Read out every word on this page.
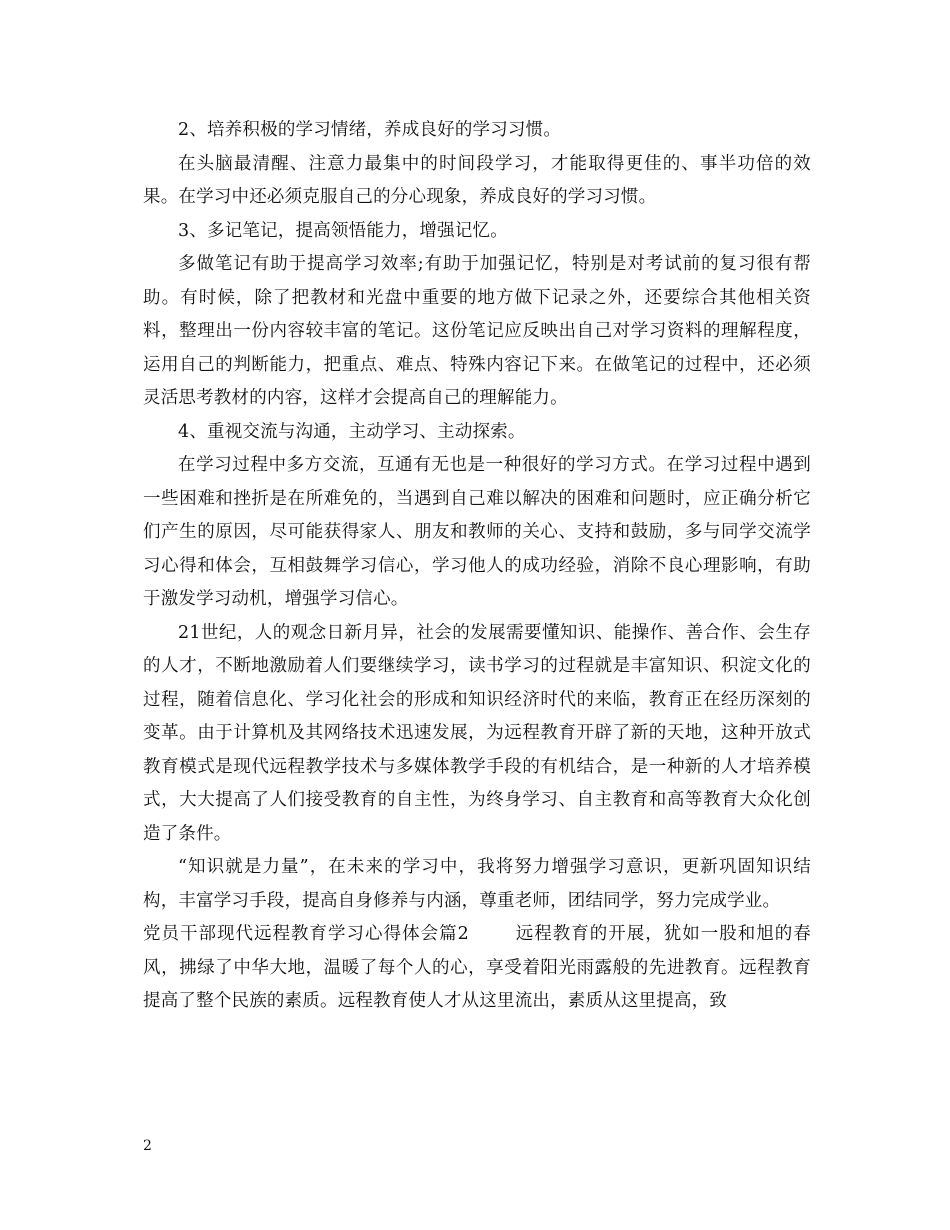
2、培养积极的学习情绪，养成良好的学习习惯。

在头脑最清醒、注意力最集中的时间段学习，才能取得更佳的、事半功倍的效果。在学习中还必须克服自己的分心现象，养成良好的学习习惯。

3、多记笔记，提高领悟能力，增强记忆。

多做笔记有助于提高学习效率;有助于加强记忆，特别是对考试前的复习很有帮助。有时候，除了把教材和光盘中重要的地方做下记录之外，还要综合其他相关资料，整理出一份内容较丰富的笔记。这份笔记应反映出自己对学习资料的理解程度，运用自己的判断能力，把重点、难点、特殊内容记下来。在做笔记的过程中，还必须灵活思考教材的内容，这样才会提高自己的理解能力。

4、重视交流与沟通，主动学习、主动探索。

在学习过程中多方交流，互通有无也是一种很好的学习方式。在学习过程中遇到一些困难和挫折是在所难免的，当遇到自己难以解决的困难和问题时，应正确分析它们产生的原因，尽可能获得家人、朋友和教师的关心、支持和鼓励，多与同学交流学习心得和体会，互相鼓舞学习信心，学习他人的成功经验，消除不良心理影响，有助于激发学习动机，增强学习信心。

21世纪，人的观念日新月异，社会的发展需要懂知识、能操作、善合作、会生存的人才，不断地激励着人们要继续学习，读书学习的过程就是丰富知识、积淀文化的过程，随着信息化、学习化社会的形成和知识经济时代的来临，教育正在经历深刻的变革。由于计算机及其网络技术迅速发展，为远程教育开辟了新的天地，这种开放式教育模式是现代远程教学技术与多媒体教学手段的有机结合，是一种新的人才培养模式，大大提高了人们接受教育的自主性，为终身学习、自主教育和高等教育大众化创造了条件。

“知识就是力量”，在未来的学习中，我将努力增强学习意识，更新巩固知识结构，丰富学习手段，提高自身修养与内涵，尊重老师，团结同学，努力完成学业。

党员干部现代远程教育学习心得体会篇2	远程教育的开展，犹如一股和旭的春风，拂绿了中华大地，温暖了每个人的心，享受着阳光雨露般的先进教育。远程教育提高了整个民族的素质。远程教育使人才从这里流出，素质从这里提高，致

2
